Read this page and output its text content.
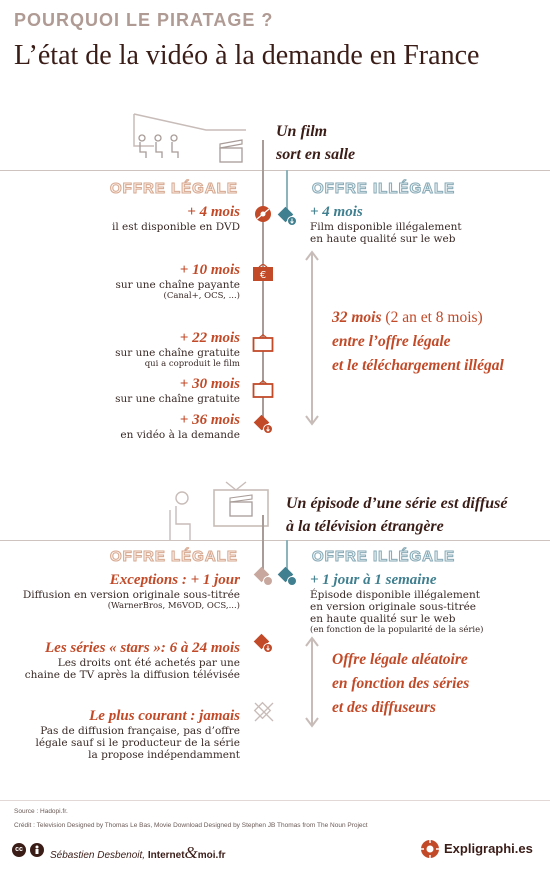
POURQUOI LE PIRATAGE ?
L’état de la vidéo à la demande en France
Un film
sort en salle
OFFRE LÉGALE	OFFRE ILLÉGALE
+ 4 mois
il est disponible en DVD
+ 10 mois
sur une chaîne payante
(Canal+, OCS, ...)
€
+ 22 mois
sur une chaîne gratuite
qui a coproduit le film
+ 30 mois
sur une chaîne gratuite
+ 36 mois
en vidéo à la demande
+ 4 mois
Film disponible illégalement
en haute qualité sur le web
32 mois (2 an et 8 mois)
entre l’offre légale
et le téléchargement illégal
Un épisode d’une série est diffusé
à la télévision étrangère
OFFRE LÉGALE	OFFRE ILLÉGALE
Exceptions : + 1 jour
Diffusion en version originale sous-titrée
(WarnerBros, M6VOD, OCS,...)
+ 1 jour à 1 semaine
Épisode disponible illégalement
en version originale sous-titrée
en haute qualité sur le web
(en fonction de la popularité de la série)
Les séries « stars »: 6 à 24 mois
Les droits ont été achetés par une
chaine de TV après la diffusion télévisée
Le plus courant : jamais
Pas de diffusion française, pas d’offre
légale sauf si le producteur de la série
la propose indépendamment
Offre légale aléatoire
en fonction des séries
et des diffuseurs
Source : Hadopi.fr.
Crédit : Television Designed by Thomas Le Bas, Movie Download Designed by Stephen JB Thomas from The Noun Project
cc
Sébastien Desbenoit, Internet&moi.fr	Expligraphi.es
